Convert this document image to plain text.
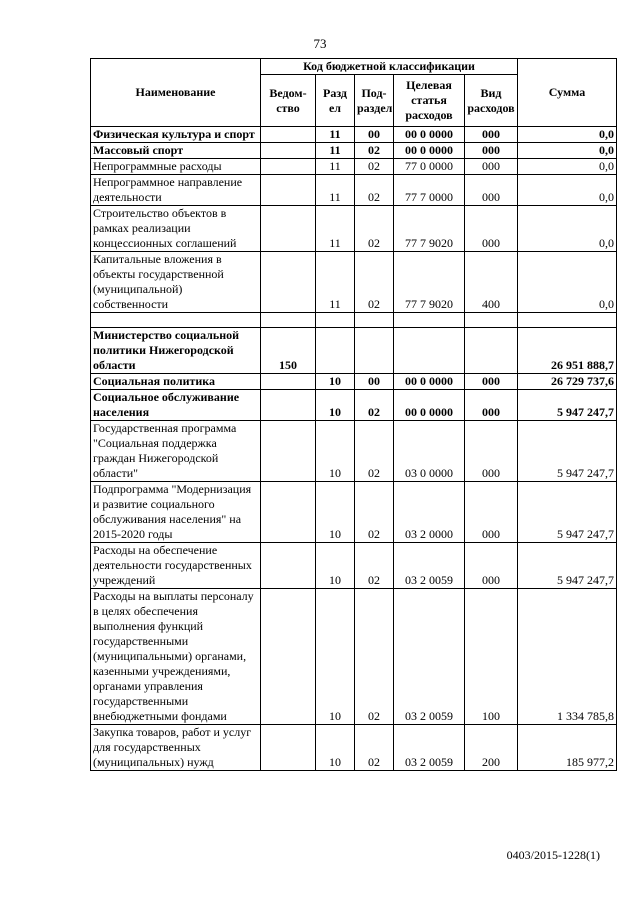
73
Наименование	Код бюджетной классификации					Сумма
	Ведом-ство	Разд ел	Под-раздел	Целевая статья расходов	Вид расходов	
Физическая культура и спорт		11	00	00 0 0000	000	0,0
Массовый спорт		11	02	00 0 0000	000	0,0
Непрограммные расходы		11	02	77 0 0000	000	0,0
Непрограммное направление деятельности		11	02	77 7 0000	000	0,0
Строительство объектов в рамках реализации концессионных соглашений		11	02	77 7 9020	000	0,0
Капитальные вложения в объекты государственной (муниципальной) собственности		11	02	77 7 9020	400	0,0

Министерство социальной политики Нижегородской области	150					26 951 888,7
Социальная политика		10	00	00 0 0000	000	26 729 737,6
Социальное обслуживание населения		10	02	00 0 0000	000	5 947 247,7
Государственная программа "Социальная поддержка граждан Нижегородской области"		10	02	03 0 0000	000	5 947 247,7
Подпрограмма "Модернизация и развитие социального обслуживания населения" на 2015-2020 годы		10	02	03 2 0000	000	5 947 247,7
Расходы на обеспечение деятельности государственных учреждений		10	02	03 2 0059	000	5 947 247,7
Расходы на выплаты персоналу в целях обеспечения выполнения функций государственными (муниципальными) органами, казенными учреждениями, органами управления государственными внебюджетными фондами		10	02	03 2 0059	100	1 334 785,8
Закупка товаров, работ и услуг для государственных (муниципальных) нужд		10	02	03 2 0059	200	185 977,2
0403/2015-1228(1)
